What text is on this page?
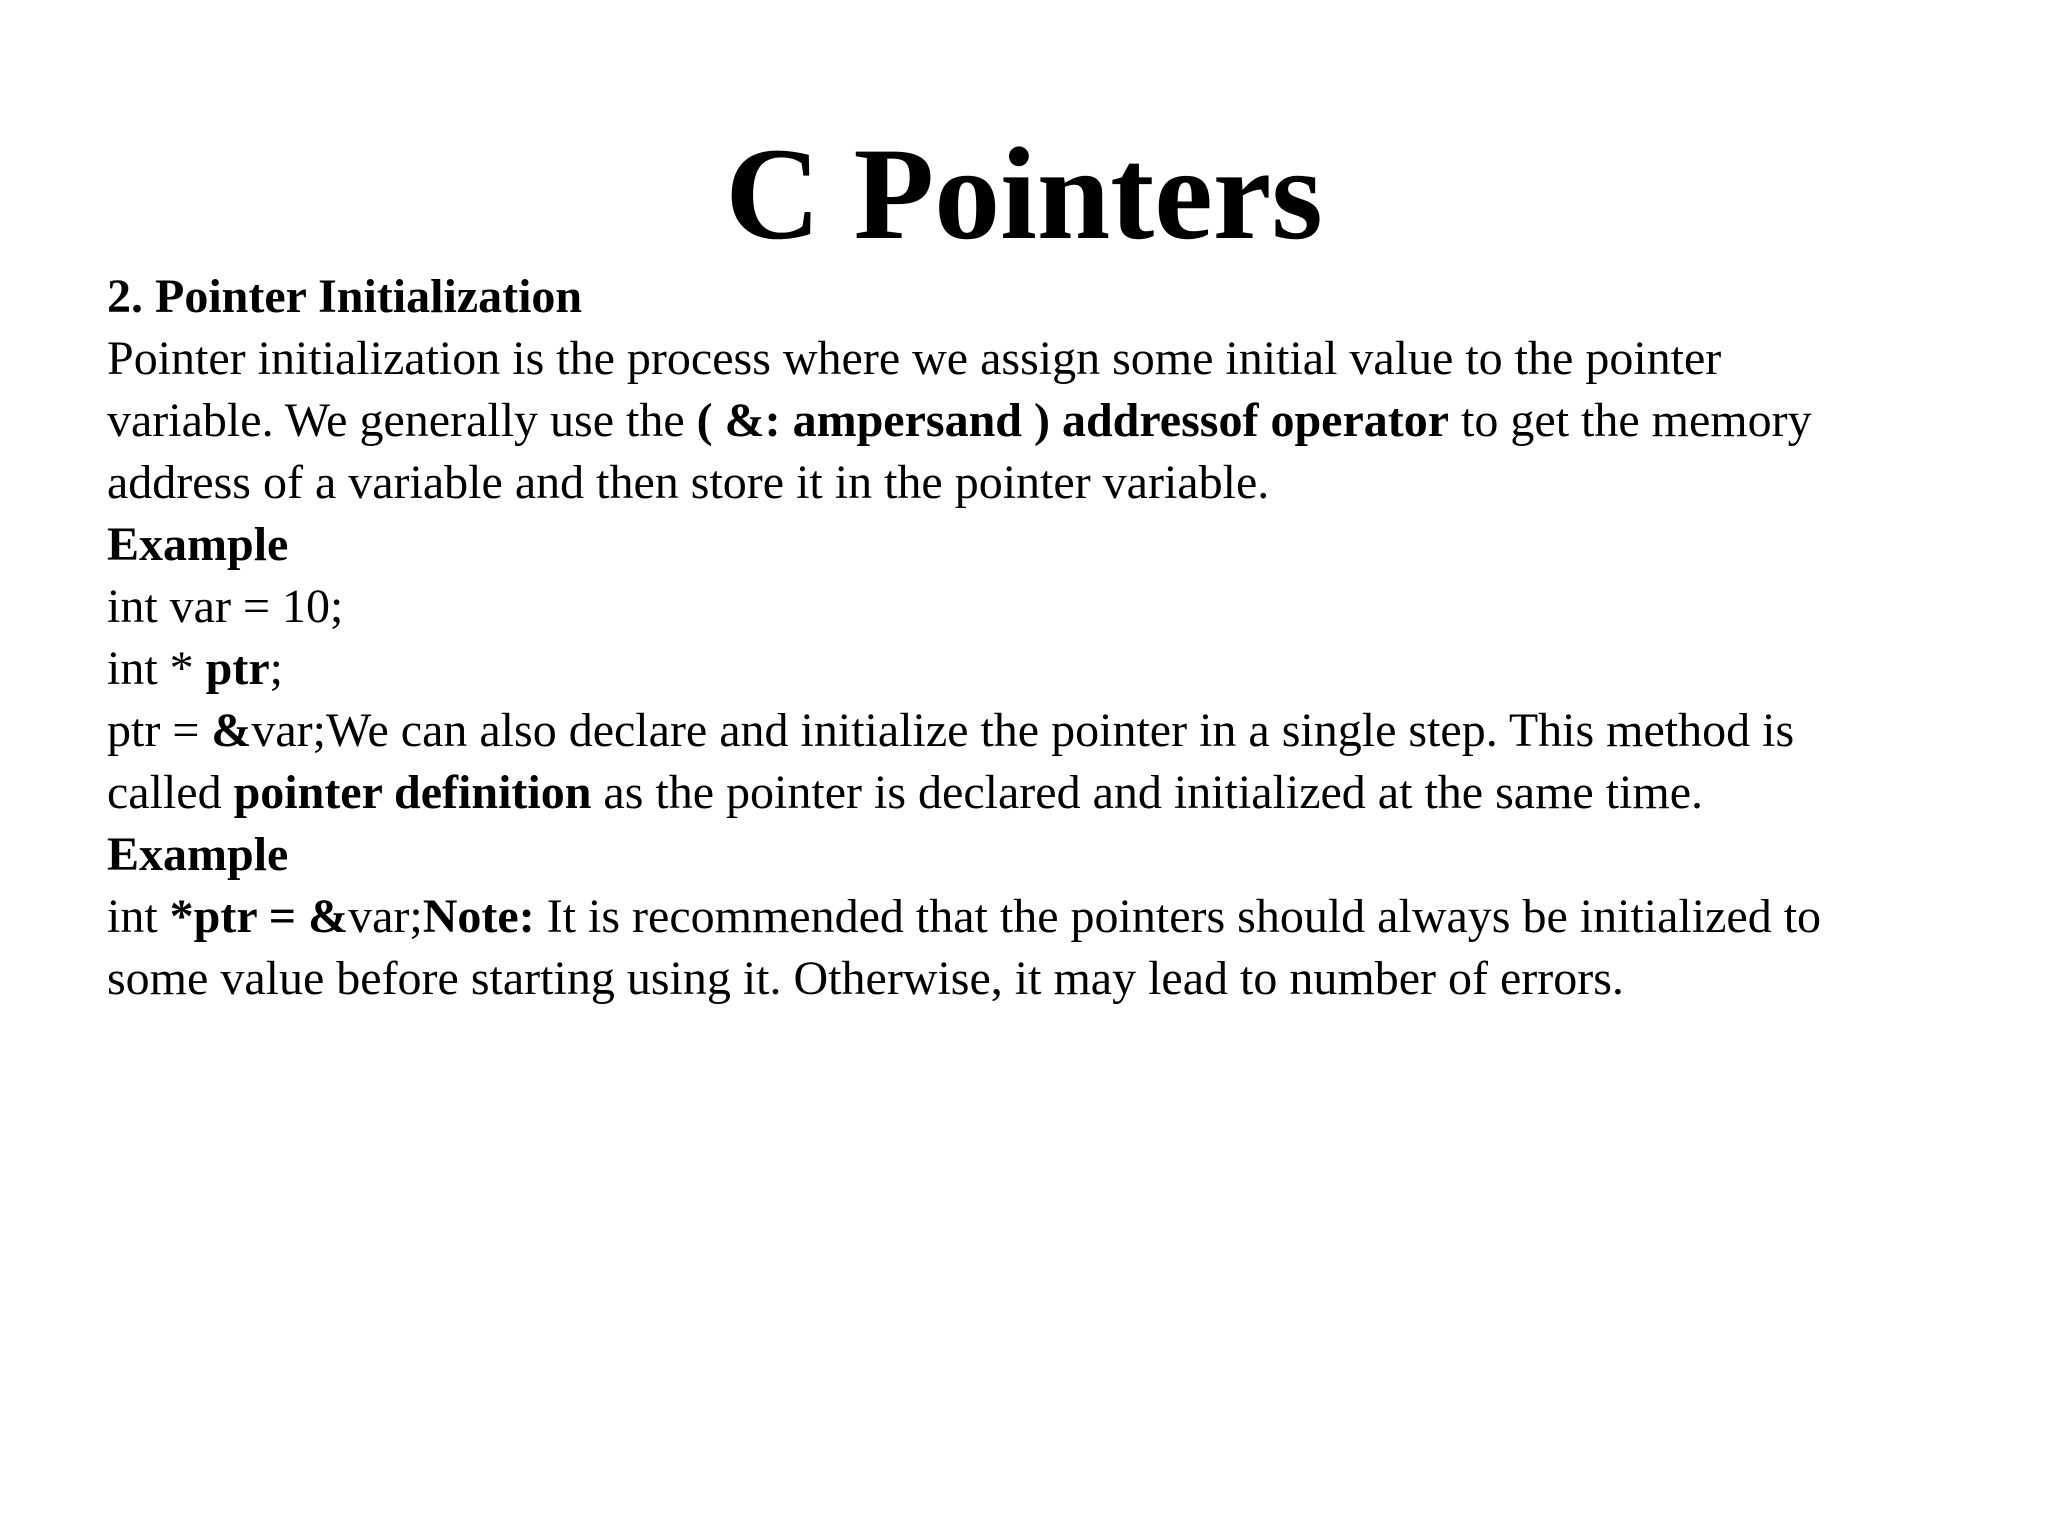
C Pointers
2. Pointer Initialization
Pointer initialization is the process where we assign some initial value to the pointer
variable. We generally use the ( &: ampersand ) addressof operator to get the memory
address of a variable and then store it in the pointer variable.
Example
int var = 10;
int * ptr;
ptr = &var;We can also declare and initialize the pointer in a single step. This method is
called pointer definition as the pointer is declared and initialized at the same time.
Example
int *ptr = &var;Note: It is recommended that the pointers should always be initialized to
some value before starting using it. Otherwise, it may lead to number of errors.
